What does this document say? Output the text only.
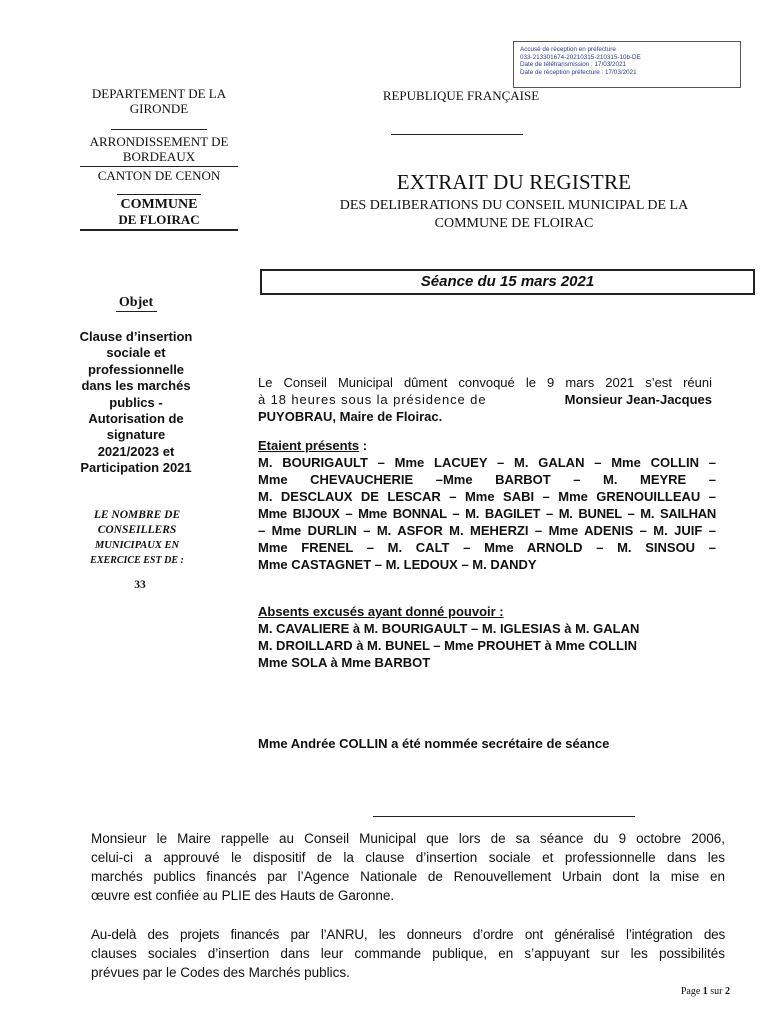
Accusé de réception en préfecture
033-213301674-20210315-210315-10b-DE
Date de télétransmission : 17/03/2021
Date de réception préfecture : 17/03/2021
DEPARTEMENT DE LA
GIRONDE
ARRONDISSEMENT DE
BORDEAUX
CANTON DE CENON
COMMUNE
DE FLOIRAC
REPUBLIQUE FRANÇAISE
EXTRAIT DU REGISTRE
DES DELIBERATIONS DU CONSEIL MUNICIPAL DE LA
COMMUNE DE FLOIRAC
Séance du 15 mars 2021
Objet
Clause d’insertion
sociale et
professionnelle
dans les marchés
publics -
Autorisation de
signature
2021/2023 et
Participation 2021
LE NOMBRE DE
CONSEILLERS
MUNICIPAUX EN
EXERCICE EST DE :
33
Le Conseil Municipal dûment convoqué le 9 mars 2021 s’est réuni
à 18 heures sous la présidence de	Monsieur Jean-Jacques
PUYOBRAU, Maire de Floirac.
Etaient présents :
M. BOURIGAULT – Mme LACUEY – M. GALAN – Mme COLLIN –
Mme CHEVAUCHERIE –Mme BARBOT – M. MEYRE –
M. DESCLAUX DE LESCAR – Mme SABI – Mme GRENOUILLEAU –
Mme BIJOUX – Mme BONNAL – M. BAGILET – M. BUNEL – M. SAILHAN
– Mme DURLIN – M. ASFOR M. MEHERZI – Mme ADENIS – M. JUIF –
Mme FRENEL – M. CALT – Mme ARNOLD – M. SINSOU –
Mme CASTAGNET – M. LEDOUX – M. DANDY
Absents excusés ayant donné pouvoir :
M. CAVALIERE à M. BOURIGAULT – M. IGLESIAS à M. GALAN
M. DROILLARD à M. BUNEL – Mme PROUHET à Mme COLLIN
Mme SOLA à Mme BARBOT
Mme Andrée COLLIN a été nommée secrétaire de séance
Monsieur le Maire rappelle au Conseil Municipal que lors de sa séance du 9 octobre 2006,
celui-ci a approuvé le dispositif de la clause d’insertion sociale et professionnelle dans les
marchés publics financés par l’Agence Nationale de Renouvellement Urbain dont la mise en
œuvre est confiée au PLIE des Hauts de Garonne.
Au-delà des projets financés par l’ANRU, les donneurs d’ordre ont généralisé l’intégration des
clauses sociales d’insertion dans leur commande publique, en s’appuyant sur les possibilités
prévues par le Codes des Marchés publics.
Page 1 sur 2
